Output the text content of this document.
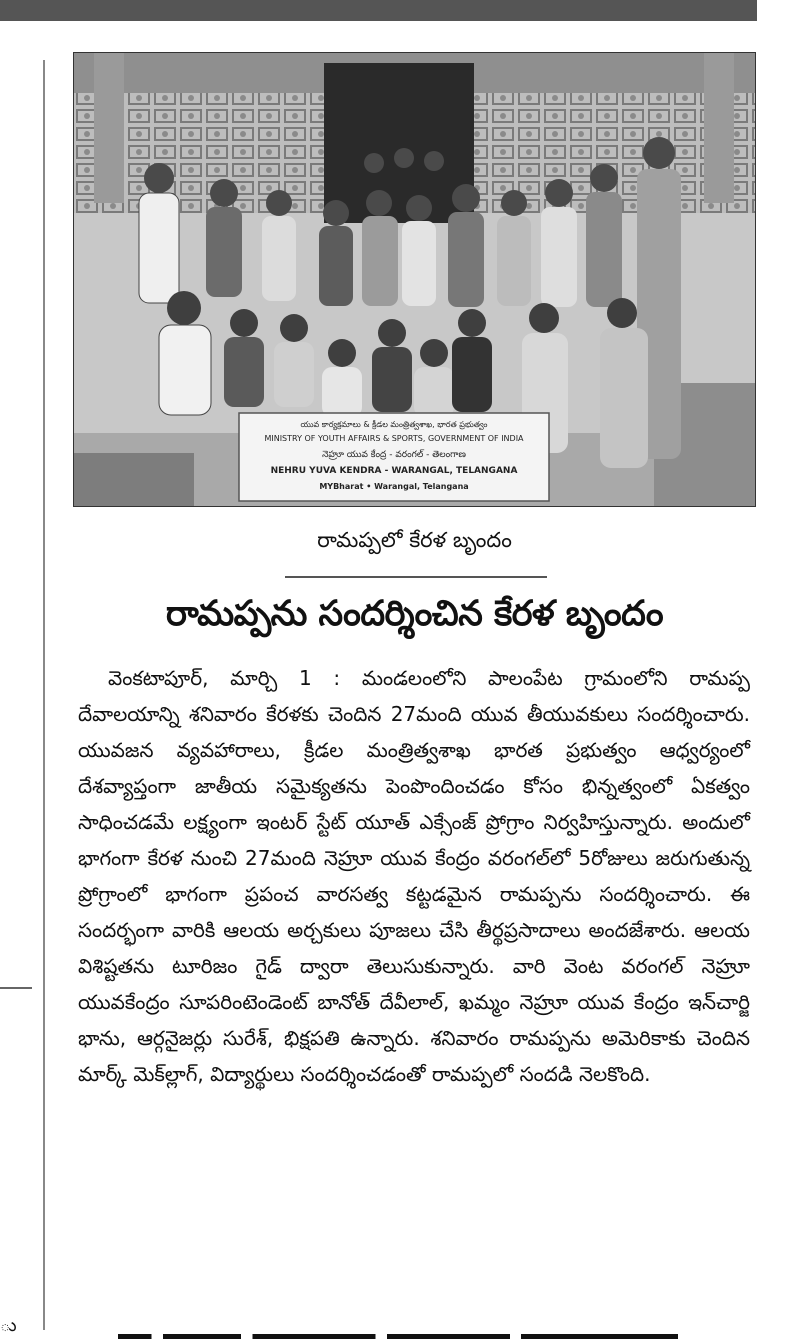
ు
యువ కార్యక్రమాలు & క్రీడల మంత్రిత్వశాఖ, భారత ప్రభుత్వం
MINISTRY OF YOUTH AFFAIRS & SPORTS, GOVERNMENT OF INDIA
నెహ్రూ యువ కేంద్ర - వరంగల్ - తెలంగాణ
NEHRU YUVA KENDRA - WARANGAL, TELANGANA
MYBharat • Warangal, Telangana
రామప్పలో కేరళ బృందం
రామప్పను సందర్శించిన కేరళ బృందం

వెంకటాపూర్, మార్చి 1 : మండలంలోని పాలంపేట గ్రామంలోని రామప్ప దేవాలయాన్ని శనివారం కేరళకు చెందిన 27మంది యువ తీయువకులు సందర్శించారు. యువజన వ్యవహారాలు, క్రీడల మంత్రిత్వశాఖ భారత ప్రభుత్వం ఆధ్వర్యంలో దేశవ్యాప్తంగా జాతీయ సమైక్యతను పెంపొందించడం కోసం భిన్నత్వంలో ఏకత్వం సాధించడమే లక్ష్యంగా ఇంటర్ స్టేట్ యూత్ ఎక్సేంజ్ ప్రోగ్రాం నిర్వహిస్తున్నారు. అందులో భాగంగా కేరళ నుంచి 27మంది నెహ్రూ యువ కేంద్రం వరంగల్‌లో 5రోజులు జరుగుతున్న ప్రోగ్రాంలో భాగంగా ప్రపంచ వారసత్వ కట్టడమైన రామప్పను సందర్శించారు. ఈ సందర్భంగా వారికి ఆలయ అర్చకులు పూజలు చేసి తీర్థప్రసాదాలు అందజేశారు. ఆలయ విశిష్టతను టూరిజం గైడ్ ద్వారా తెలుసుకున్నారు. వారి వెంట వరంగల్ నెహ్రూ యువకేంద్రం సూపరింటెండెంట్ బానోత్ దేవీలాల్, ఖమ్మం నెహ్రూ యువ కేంద్రం ఇన్‌చార్జి భాను, ఆర్గనైజర్లు సురేశ్, భిక్షపతి ఉన్నారు. శనివారం రామప్పను అమెరికాకు చెందిన మార్క్ మెక్‌ల్లాగ్, విద్యార్థులు సందర్శించడంతో రామప్పలో సందడి నెలకొంది.
